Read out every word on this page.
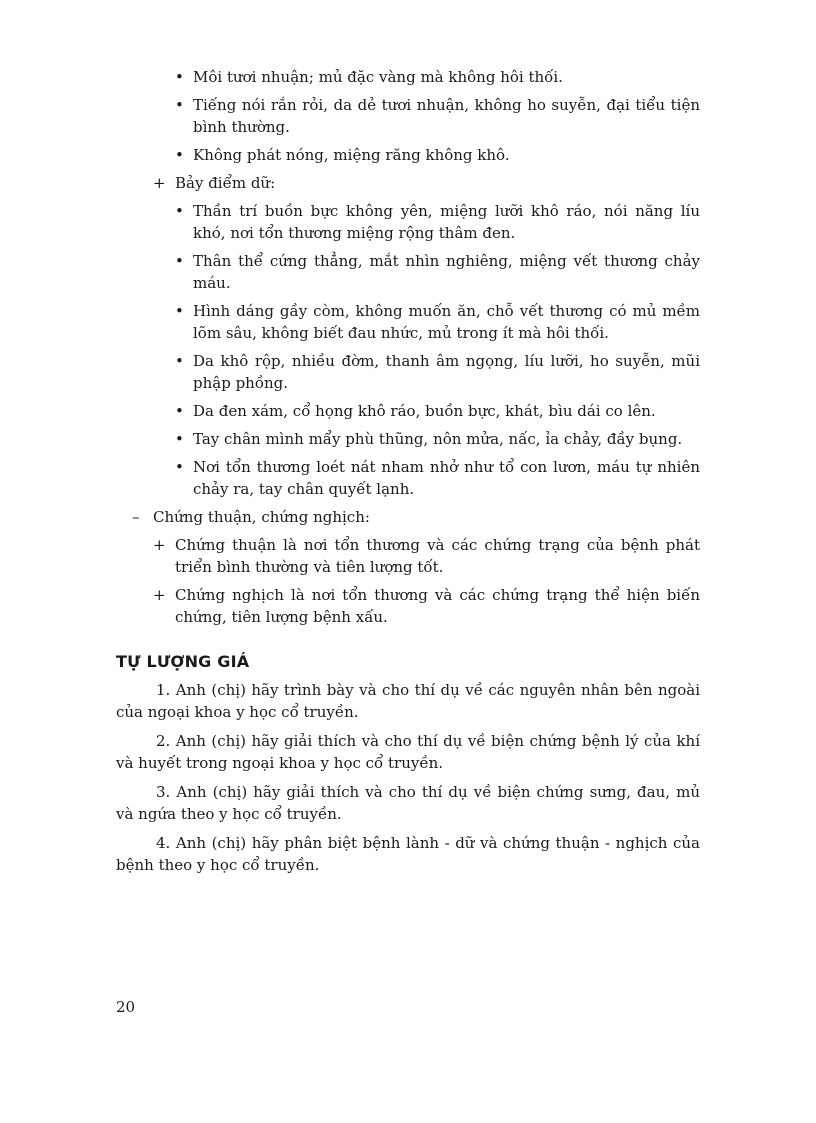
• Môi tươi nhuận; mủ đặc vàng mà không hôi thối.
• Tiếng nói rắn rỏi, da dẻ tươi nhuận, không ho suyễn, đại tiểu tiện bình thường.
• Không phát nóng, miệng răng không khô.
+ Bảy điểm dữ:
• Thần trí buồn bực không yên, miệng lưỡi khô ráo, nói năng líu khó, nơi tổn thương miệng rộng thâm đen.
• Thân thể cứng thẳng, mắt nhìn nghiêng, miệng vết thương chảy máu.
• Hình dáng gầy còm, không muốn ăn, chỗ vết thương có mủ mềm lõm sâu, không biết đau nhức, mủ trong ít mà hôi thối.
• Da khô rộp, nhiều đờm, thanh âm ngọng, líu lưỡi, ho suyễn, mũi phập phồng.
• Da đen xám, cổ họng khô ráo, buồn bực, khát, bìu dái co lên.
• Tay chân mình mẩy phù thũng, nôn mửa, nấc, ỉa chảy, đầy bụng.
• Nơi tổn thương loét nát nham nhở như tổ con lươn, máu tự nhiên chảy ra, tay chân quyết lạnh.
– Chứng thuận, chứng nghịch:
+ Chứng thuận là nơi tổn thương và các chứng trạng của bệnh phát triển bình thường và tiên lượng tốt.
+ Chứng nghịch là nơi tổn thương và các chứng trạng thể hiện biến chứng, tiên lượng bệnh xấu.
TỰ LƯỢNG GIÁ

1. Anh (chị) hãy trình bày và cho thí dụ về các nguyên nhân bên ngoài của ngoại khoa y học cổ truyền.

2. Anh (chị) hãy giải thích và cho thí dụ về biện chứng bệnh lý của khí và huyết trong ngoại khoa y học cổ truyền.

3. Anh (chị) hãy giải thích và cho thí dụ về biện chứng sưng, đau, mủ và ngứa theo y học cổ truyền.

4. Anh (chị) hãy phân biệt bệnh lành - dữ và chứng thuận - nghịch của bệnh theo y học cổ truyền.

20
